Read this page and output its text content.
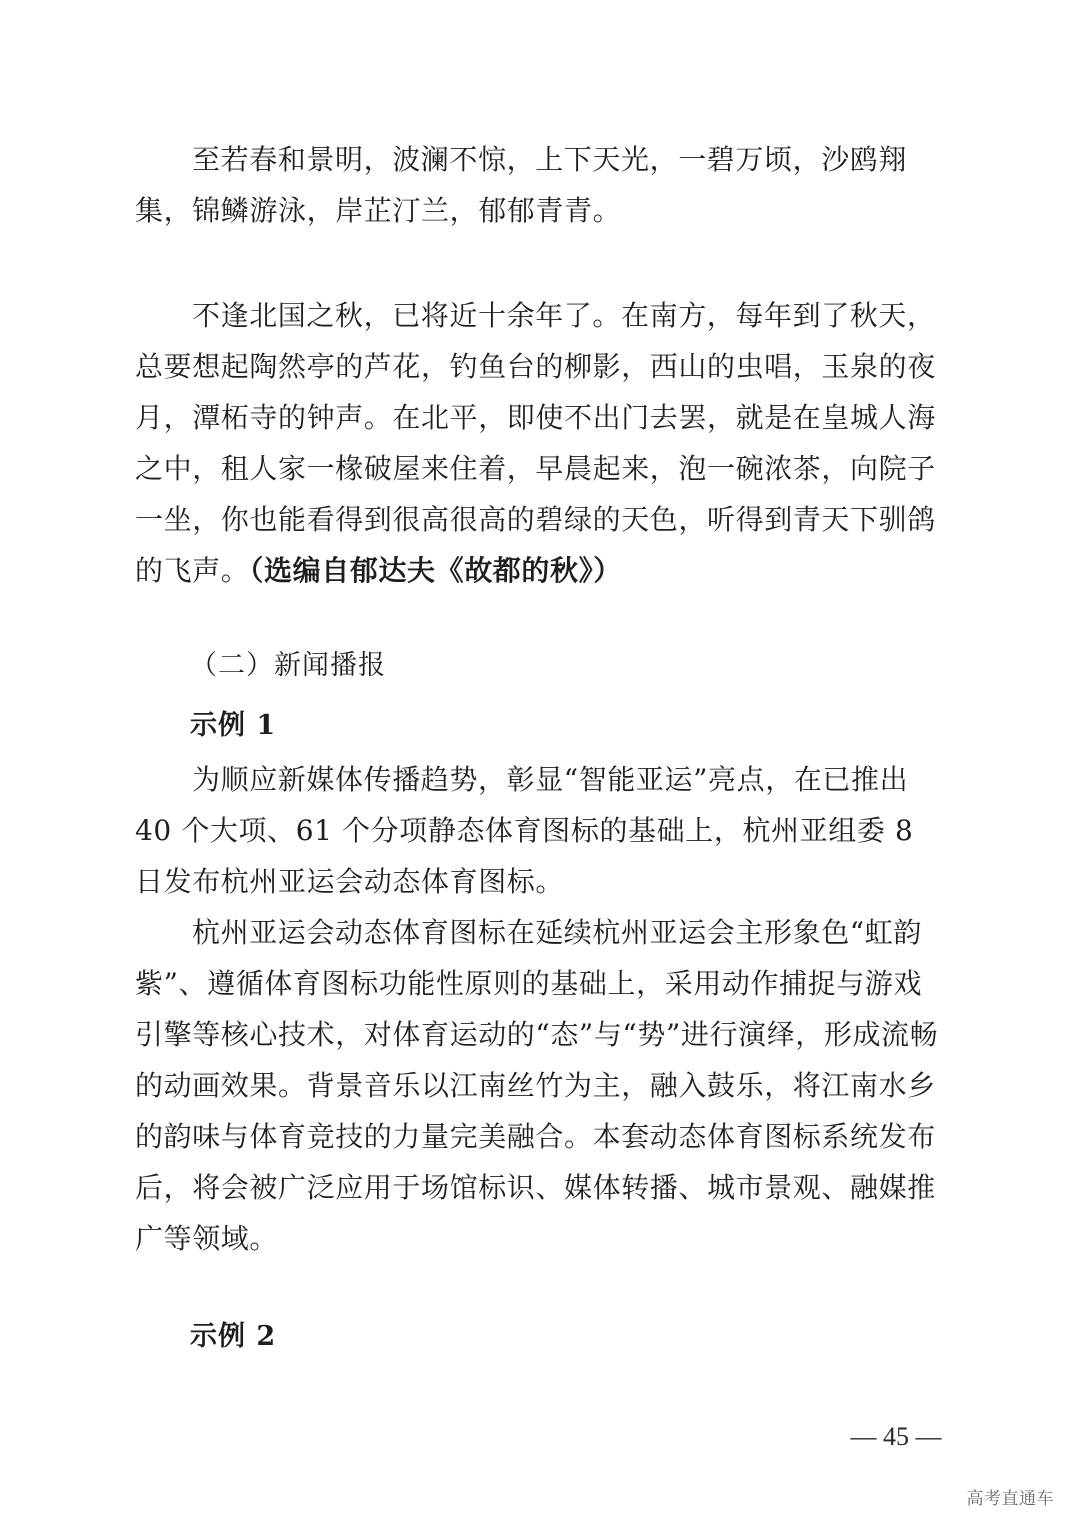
至若春和景明，波澜不惊，上下天光，一碧万顷，沙鸥翔集，锦鳞游泳，岸芷汀兰，郁郁青青。

不逢北国之秋，已将近十余年了。在南方，每年到了秋天，总要想起陶然亭的芦花，钓鱼台的柳影，西山的虫唱，玉泉的夜月，潭柘寺的钟声。在北平，即使不出门去罢，就是在皇城人海之中，租人家一椽破屋来住着，早晨起来，泡一碗浓茶，向院子一坐，你也能看得到很高很高的碧绿的天色，听得到青天下驯鸽的飞声。（选编自郁达夫《故都的秋》）

（二）新闻播报
示例 1

为顺应新媒体传播趋势，彰显“智能亚运”亮点，在已推出 40 个大项、61 个分项静态体育图标的基础上，杭州亚组委 8 日发布杭州亚运会动态体育图标。

杭州亚运会动态体育图标在延续杭州亚运会主形象色“虹韵紫”、遵循体育图标功能性原则的基础上，采用动作捕捉与游戏引擎等核心技术，对体育运动的“态”与“势”进行演绎，形成流畅的动画效果。背景音乐以江南丝竹为主，融入鼓乐，将江南水乡的韵味与体育竞技的力量完美融合。本套动态体育图标系统发布后，将会被广泛应用于场馆标识、媒体转播、城市景观、融媒推广等领域。

示例 2
— 45 —
高考直通车
